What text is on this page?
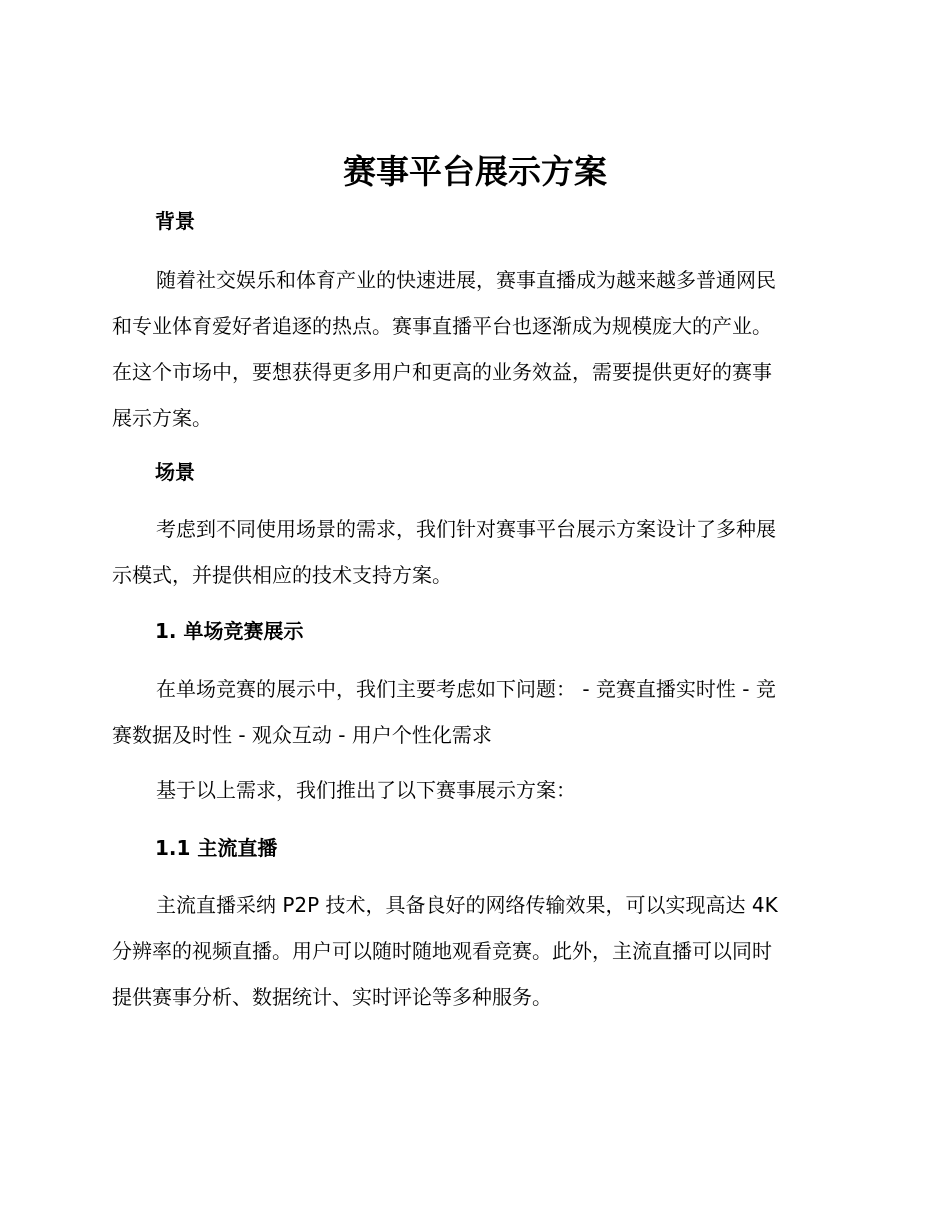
赛事平台展示方案
背景
随着社交娱乐和体育产业的快速进展，赛事直播成为越来越多普通网民
和专业体育爱好者追逐的热点。赛事直播平台也逐渐成为规模庞大的产业。
在这个市场中，要想获得更多用户和更高的业务效益，需要提供更好的赛事
展示方案。
场景
考虑到不同使用场景的需求，我们针对赛事平台展示方案设计了多种展
示模式，并提供相应的技术支持方案。
1. 单场竞赛展示
在单场竞赛的展示中，我们主要考虑如下问题： - 竞赛直播实时性 - 竞
赛数据及时性 - 观众互动 - 用户个性化需求
基于以上需求，我们推出了以下赛事展示方案：
1.1 主流直播
主流直播采纳 P2P 技术，具备良好的网络传输效果，可以实现高达 4K
分辨率的视频直播。用户可以随时随地观看竞赛。此外，主流直播可以同时
提供赛事分析、数据统计、实时评论等多种服务。
